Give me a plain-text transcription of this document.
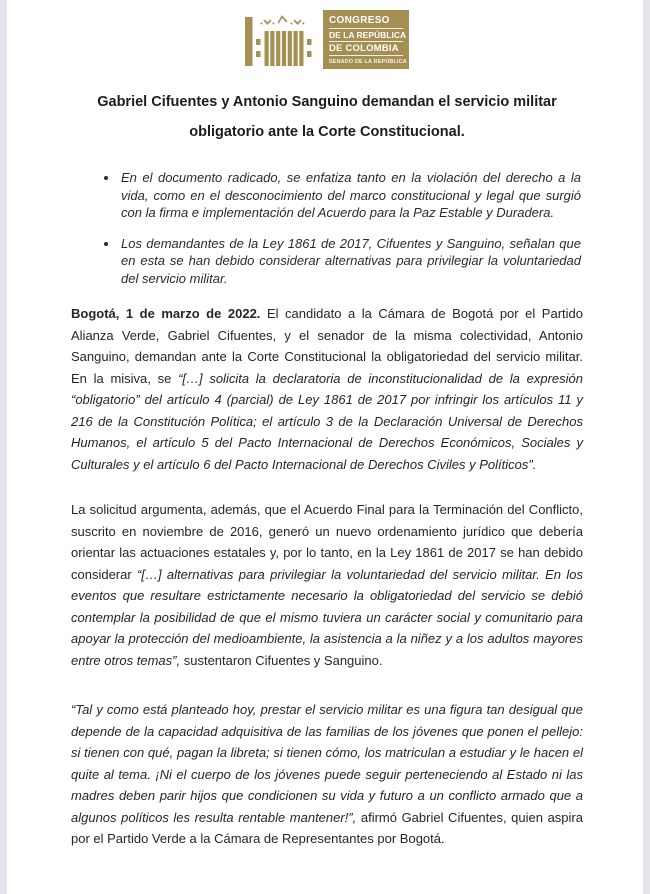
CONGRESO
DE LA REPÚBLICA
DE COLOMBIA
SENADO DE LA REPÚBLICA
Gabriel Cifuentes y Antonio Sanguino demandan el servicio militar obligatorio ante la Corte Constitucional.
• En el documento radicado, se enfatiza tanto en la violación del derecho a la vida, como en el desconocimiento del marco constitucional y legal que surgió con la firma e implementación del Acuerdo para la Paz Estable y Duradera.
• Los demandantes de la Ley 1861 de 2017, Cifuentes y Sanguino, señalan que en esta se han debido considerar alternativas para privilegiar la voluntariedad del servicio militar.

Bogotá, 1 de marzo de 2022. El candidato a la Cámara de Bogotá por el Partido Alianza Verde, Gabriel Cifuentes, y el senador de la misma colectividad, Antonio Sanguino, demandan ante la Corte Constitucional la obligatoriedad del servicio militar. En la misiva, se “[…] solicita la declaratoria de inconstitucionalidad de la expresión “obligatorio” del artículo 4 (parcial) de Ley 1861 de 2017 por infringir los artículos 11 y 216 de la Constitución Política; el artículo 3 de la Declaración Universal de Derechos Humanos, el artículo 5 del Pacto Internacional de Derechos Económicos, Sociales y Culturales y el artículo 6 del Pacto Internacional de Derechos Civiles y Políticos”.

La solicitud argumenta, además, que el Acuerdo Final para la Terminación del Conflicto, suscrito en noviembre de 2016, generó un nuevo ordenamiento jurídico que debería orientar las actuaciones estatales y, por lo tanto, en la Ley 1861 de 2017 se han debido considerar “[…] alternativas para privilegiar la voluntariedad del servicio militar. En los eventos que resultare estrictamente necesario la obligatoriedad del servicio se debió contemplar la posibilidad de que el mismo tuviera un carácter social y comunitario para apoyar la protección del medioambiente, la asistencia a la niñez y a los adultos mayores entre otros temas”, sustentaron Cifuentes y Sanguino.

“Tal y como está planteado hoy, prestar el servicio militar es una figura tan desigual que depende de la capacidad adquisitiva de las familias de los jóvenes que ponen el pellejo: si tienen con qué, pagan la libreta; si tienen cómo, los matriculan a estudiar y le hacen el quite al tema. ¡Ni el cuerpo de los jóvenes puede seguir perteneciendo al Estado ni las madres deben parir hijos que condicionen su vida y futuro a un conflicto armado que a algunos políticos les resulta rentable mantener!”, afirmó Gabriel Cifuentes, quien aspira por el Partido Verde a la Cámara de Representantes por Bogotá.
